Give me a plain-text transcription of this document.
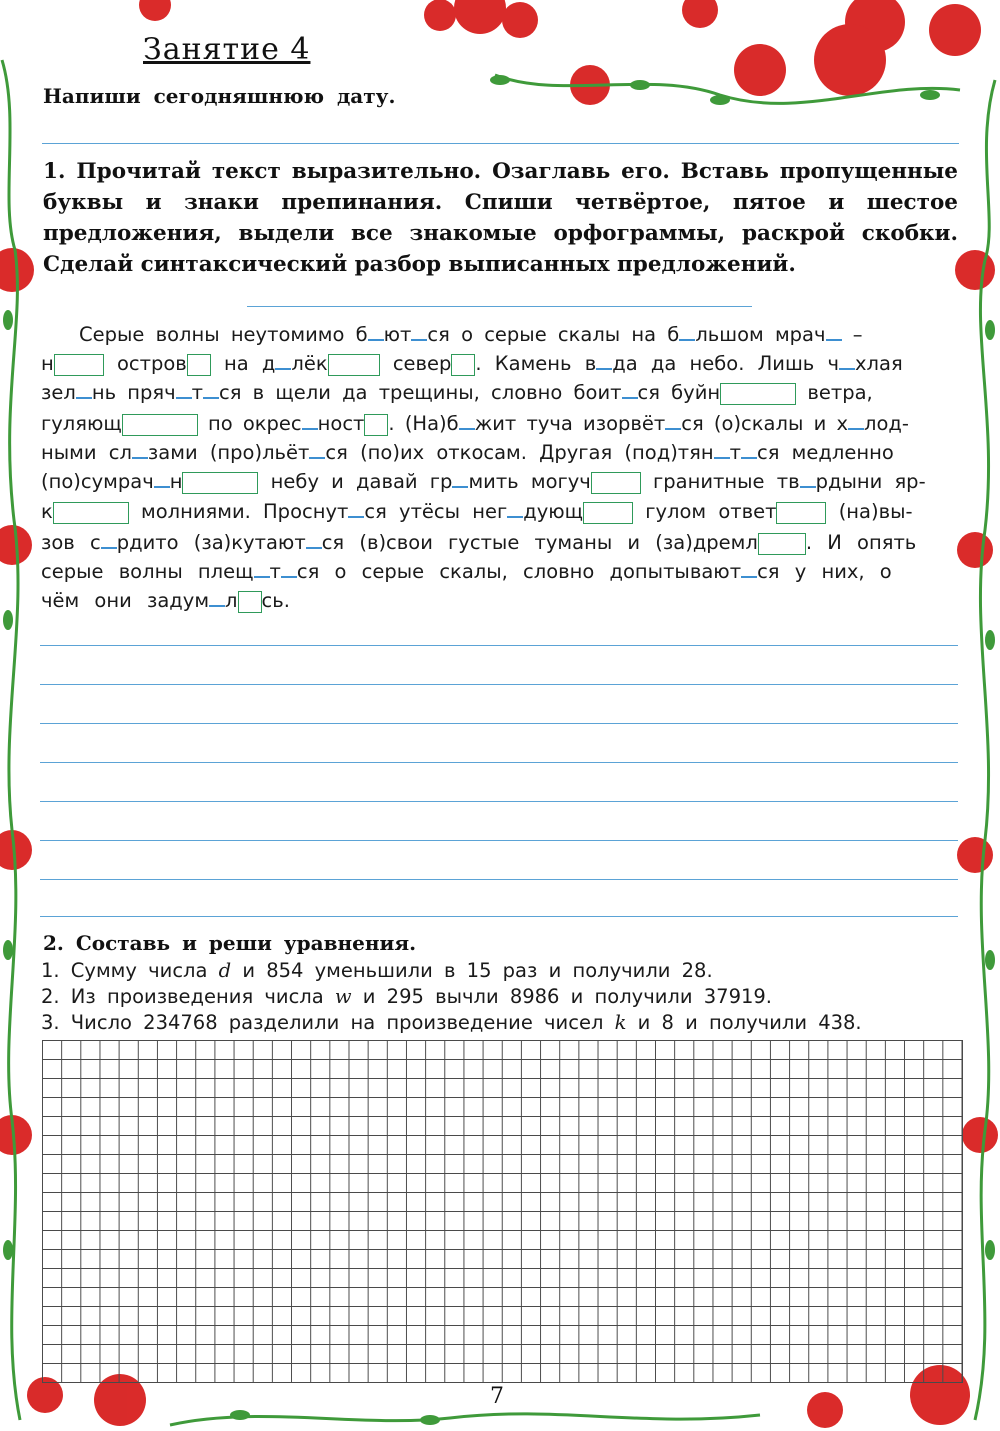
Занятие 4
Напиши сегодняшнюю дату.
1. Прочитай текст выразительно. Озаглавь его. Вставь пропущенные буквы и знаки препинания. Спиши четвёртое, пятое и шестое предложения, выдели все знакомые орфограммы, раскрой скобки. Сделай синтаксический разбор выписанных предложений.
Серые волны неутомимо б ют ся о серые скалы на б льшом мрач –
н	остров на д лёк	север . Камень в да да небо. Лишь ч хлая
зел нь пряч т ся в щели да трещины, словно боит ся буйн	ветра,
гуляющ	по окрес ност . (На)б жит туча изорвёт ся (о)скалы и х лод-
ными сл зами (про)льёт ся (по)их откосам. Другая (под)тян т ся медленно
(по)сумрач н	небу и давай гр мить могуч	гранитные тв рдыни яр-
к	молниями. Проснут ся утёсы нег дующ	гулом ответ	(на)вы-
зов с рдито (за)кутают ся (в)свои густые туманы и (за)дремл . И опять
серые волны плещ т ся о серые скалы, словно допытывают ся у них, о
чём они задум л сь.
2. Составь и реши уравнения.
1. Сумму числа d и 854 уменьшили в 15 раз и получили 28.
2. Из произведения числа w и 295 вычли 8986 и получили 37919.
3. Число 234768 разделили на произведение чисел k и 8 и получили 438.
7
